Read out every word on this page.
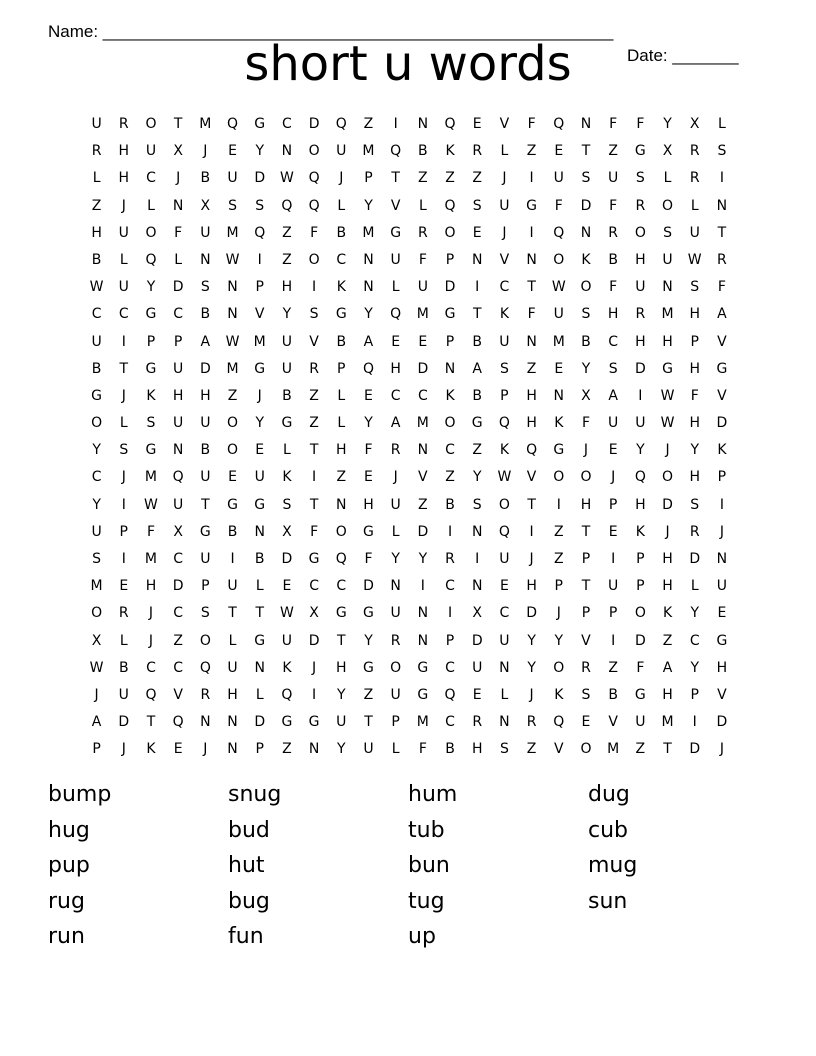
Name: ______________________________________________________

Date: _______

short u words
U	R	O	T	M	Q	G	C	D	Q	Z	I	N	Q	E	V	F	Q	N	F	F	Y	X	L
R	H	U	X	J	E	Y	N	O	U	M	Q	B	K	R	L	Z	E	T	Z	G	X	R	S
L	H	C	J	B	U	D	W	Q	J	P	T	Z	Z	Z	J	I	U	S	U	S	L	R	I
Z	J	L	N	X	S	S	Q	Q	L	Y	V	L	Q	S	U	G	F	D	F	R	O	L	N
H	U	O	F	U	M	Q	Z	F	B	M	G	R	O	E	J	I	Q	N	R	O	S	U	T
B	L	Q	L	N	W	I	Z	O	C	N	U	F	P	N	V	N	O	K	B	H	U	W	R
W	U	Y	D	S	N	P	H	I	K	N	L	U	D	I	C	T	W	O	F	U	N	S	F
C	C	G	C	B	N	V	Y	S	G	Y	Q	M	G	T	K	F	U	S	H	R	M	H	A
U	I	P	P	A	W	M	U	V	B	A	E	E	P	B	U	N	M	B	C	H	H	P	V
B	T	G	U	D	M	G	U	R	P	Q	H	D	N	A	S	Z	E	Y	S	D	G	H	G
G	J	K	H	H	Z	J	B	Z	L	E	C	C	K	B	P	H	N	X	A	I	W	F	V
O	L	S	U	U	O	Y	G	Z	L	Y	A	M	O	G	Q	H	K	F	U	U	W	H	D
Y	S	G	N	B	O	E	L	T	H	F	R	N	C	Z	K	Q	G	J	E	Y	J	Y	K
C	J	M	Q	U	E	U	K	I	Z	E	J	V	Z	Y	W	V	O	O	J	Q	O	H	P
Y	I	W	U	T	G	G	S	T	N	H	U	Z	B	S	O	T	I	H	P	H	D	S	I
U	P	F	X	G	B	N	X	F	O	G	L	D	I	N	Q	I	Z	T	E	K	J	R	J
S	I	M	C	U	I	B	D	G	Q	F	Y	Y	R	I	U	J	Z	P	I	P	H	D	N
M	E	H	D	P	U	L	E	C	C	D	N	I	C	N	E	H	P	T	U	P	H	L	U
O	R	J	C	S	T	T	W	X	G	G	U	N	I	X	C	D	J	P	P	O	K	Y	E
X	L	J	Z	O	L	G	U	D	T	Y	R	N	P	D	U	Y	Y	V	I	D	Z	C	G
W	B	C	C	Q	U	N	K	J	H	G	O	G	C	U	N	Y	O	R	Z	F	A	Y	H
J	U	Q	V	R	H	L	Q	I	Y	Z	U	G	Q	E	L	J	K	S	B	G	H	P	V
A	D	T	Q	N	N	D	G	G	U	T	P	M	C	R	N	R	Q	E	V	U	M	I	D
P	J	K	E	J	N	P	Z	N	Y	U	L	F	B	H	S	Z	V	O	M	Z	T	D	J
bump	snug	hum	dug
hug	bud	tub	cub
pup	hut	bun	mug
rug	bug	tug	sun
run	fun	up
